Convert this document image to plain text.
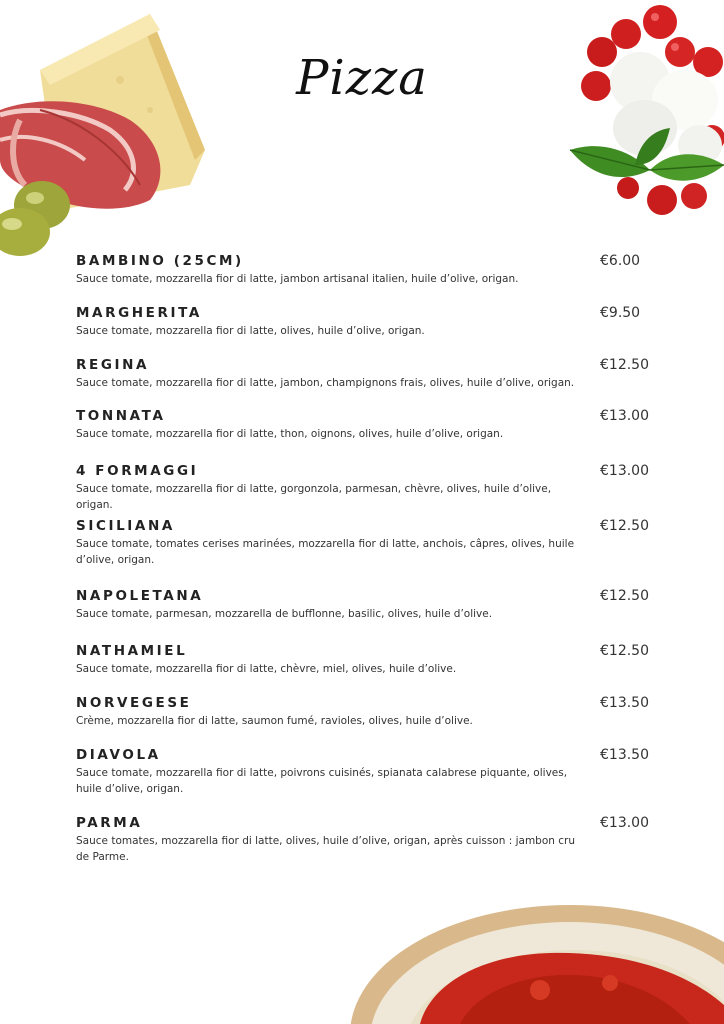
Pizza
BAMBINO (25CM)
Sauce tomate, mozzarella fior di latte, jambon artisanal italien, huile d’olive, origan.
€6.00
MARGHERITA
Sauce tomate, mozzarella fior di latte, olives, huile d’olive, origan.
€9.50
REGINA
Sauce tomate, mozzarella fior di latte, jambon, champignons frais, olives, huile d’olive, origan.
€12.50
TONNATA
Sauce tomate, mozzarella fior di latte, thon, oignons, olives, huile d’olive, origan.
€13.00
4 FORMAGGI
Sauce tomate, mozzarella fior di latte, gorgonzola, parmesan, chèvre, olives, huile d’olive, origan.
€13.00
SICILIANA
Sauce tomate, tomates cerises marinées, mozzarella fior di latte, anchois, câpres, olives, huile d’olive, origan.
€12.50
NAPOLETANA
Sauce tomate, parmesan, mozzarella de bufflonne, basilic, olives, huile d’olive.
€12.50
NATHAMIEL
Sauce tomate, mozzarella fior di latte, chèvre, miel, olives, huile d’olive.
€12.50
NORVEGESE
Crème, mozzarella fior di latte, saumon fumé, ravioles, olives, huile d’olive.
€13.50
DIAVOLA
Sauce tomate, mozzarella fior di latte, poivrons cuisinés, spianata calabrese piquante, olives, huile d’olive, origan.
€13.50
PARMA
Sauce tomates, mozzarella fior di latte, olives, huile d’olive, origan, après cuisson : jambon cru de Parme.
€13.00
